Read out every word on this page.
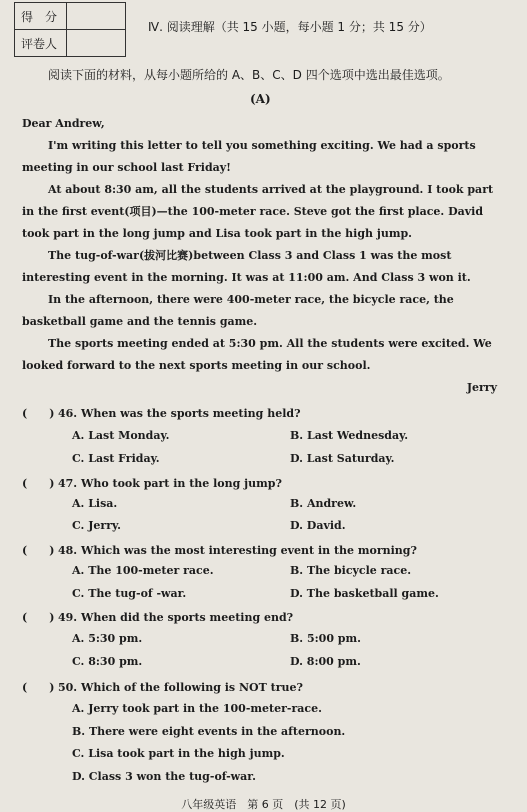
得　分	
评卷人	
Ⅳ. 阅读理解（共 15 小题，每小题 1 分；共 15 分）
阅读下面的材料，从每小题所给的 A、B、C、D 四个选项中选出最佳选项。
(A)

Dear Andrew,

I'm writing this letter to tell you something exciting. We had a sports meeting in our school last Friday!

At about 8:30 am, all the students arrived at the playground. I took part in the first event(项目)—the 100-meter race. Steve got the first place. David took part in the long jump and Lisa took part in the high jump.

The tug-of-war(拔河比赛)between Class 3 and Class 1 was the most interesting event in the morning. It was at 11:00 am. And Class 3 won it.

In the afternoon, there were 400-meter race, the bicycle race, the basketball game and the tennis game.

The sports meeting ended at 5:30 pm. All the students were excited. We looked forward to the next sports meeting in our school.

Jerry

(　　) 46. When was the sports meeting held?
A. Last Monday.	B. Last Wednesday.
C. Last Friday.	D. Last Saturday.
(　　) 47. Who took part in the long jump?
A. Lisa.	B. Andrew.
C. Jerry.	D. David.
(　　) 48. Which was the most interesting event in the morning?
A. The 100-meter race.	B. The bicycle race.
C. The tug-of -war.	D. The basketball game.
(　　) 49. When did the sports meeting end?
A. 5:30 pm.	B. 5:00 pm.
C. 8:30 pm.	D. 8:00 pm.
(　　) 50. Which of the following is NOT true?
A. Jerry took part in the 100-meter-race.
B. There were eight events in the afternoon.
C. Lisa took part in the high jump.
D. Class 3 won the tug-of-war.
八年级英语　第 6 页　(共 12 页)
